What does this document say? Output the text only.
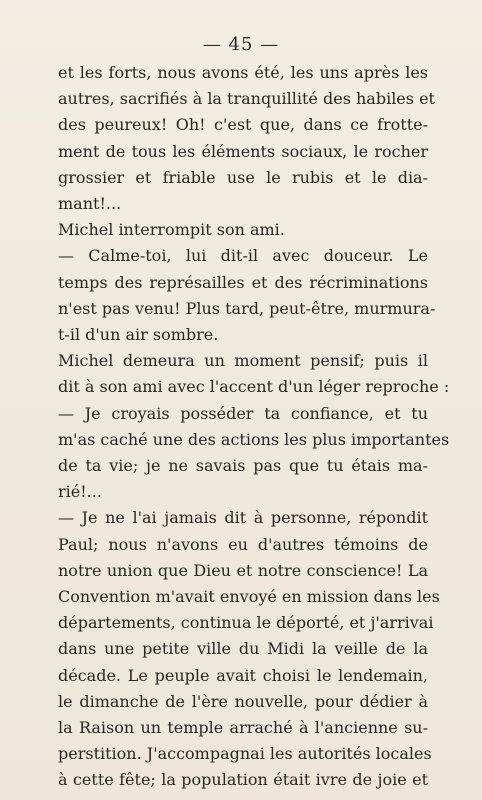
— 45 —
et les forts, nous avons été, les uns après les
autres, sacrifiés à la tranquillité des habiles et
des peureux! Oh! c'est que, dans ce frotte-
ment de tous les éléments sociaux, le rocher
grossier et friable use le rubis et le dia-
mant!...
Michel interrompit son ami.
— Calme-toi, lui dit-il avec douceur. Le
temps des représailles et des récriminations
n'est pas venu! Plus tard, peut-être, murmura-
t-il d'un air sombre.
Michel demeura un moment pensif; puis il
dit à son ami avec l'accent d'un léger reproche :
— Je croyais posséder ta confiance, et tu
m'as caché une des actions les plus importantes
de ta vie; je ne savais pas que tu étais ma-
rié!...
— Je ne l'ai jamais dit à personne, répondit
Paul; nous n'avons eu d'autres témoins de
notre union que Dieu et notre conscience! La
Convention m'avait envoyé en mission dans les
départements, continua le déporté, et j'arrivai
dans une petite ville du Midi la veille de la
décade. Le peuple avait choisi le lendemain,
le dimanche de l'ère nouvelle, pour dédier à
la Raison un temple arraché à l'ancienne su-
perstition. J'accompagnai les autorités locales
à cette fête; la population était ivre de joie et
